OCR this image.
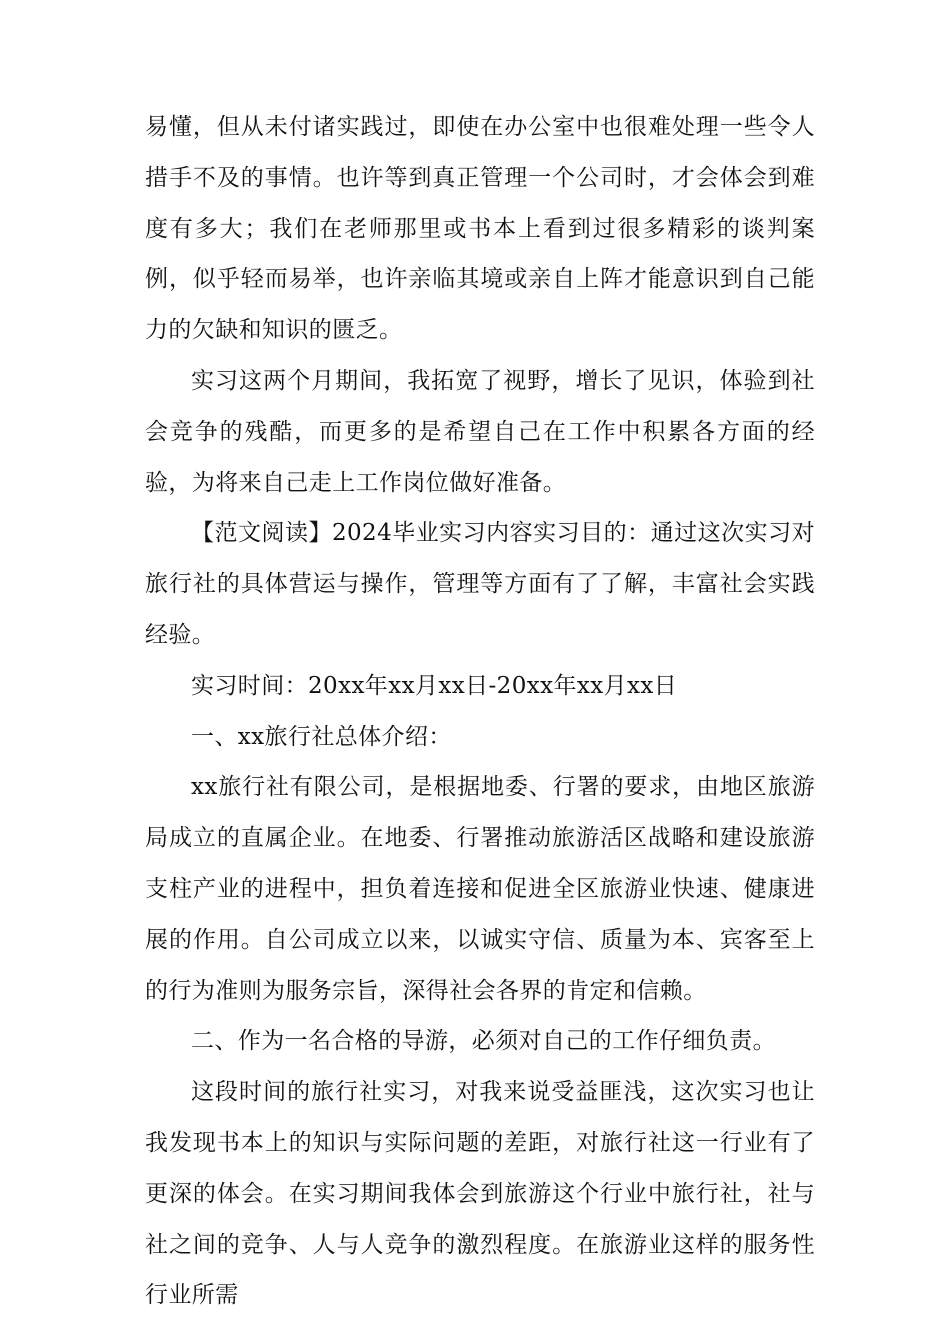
易懂，但从未付诸实践过，即使在办公室中也很难处理一些令人措手不及的事情。也许等到真正管理一个公司时，才会体会到难度有多大；我们在老师那里或书本上看到过很多精彩的谈判案例，似乎轻而易举，也许亲临其境或亲自上阵才能意识到自己能力的欠缺和知识的匮乏。

实习这两个月期间，我拓宽了视野，增长了见识，体验到社会竞争的残酷，而更多的是希望自己在工作中积累各方面的经验，为将来自己走上工作岗位做好准备。

【范文阅读】2024毕业实习内容实习目的：通过这次实习对旅行社的具体营运与操作，管理等方面有了了解，丰富社会实践经验。

实习时间：20xx年xx月xx日-20xx年xx月xx日

一、xx旅行社总体介绍：

xx旅行社有限公司，是根据地委、行署的要求，由地区旅游局成立的直属企业。在地委、行署推动旅游活区战略和建设旅游支柱产业的进程中，担负着连接和促进全区旅游业快速、健康进展的作用。自公司成立以来，以诚实守信、质量为本、宾客至上的行为准则为服务宗旨，深得社会各界的肯定和信赖。

二、作为一名合格的导游，必须对自己的工作仔细负责。

这段时间的旅行社实习，对我来说受益匪浅，这次实习也让我发现书本上的知识与实际问题的差距，对旅行社这一行业有了更深的体会。在实习期间我体会到旅游这个行业中旅行社，社与社之间的竞争、人与人竞争的激烈程度。在旅游业这样的服务性行业所需
